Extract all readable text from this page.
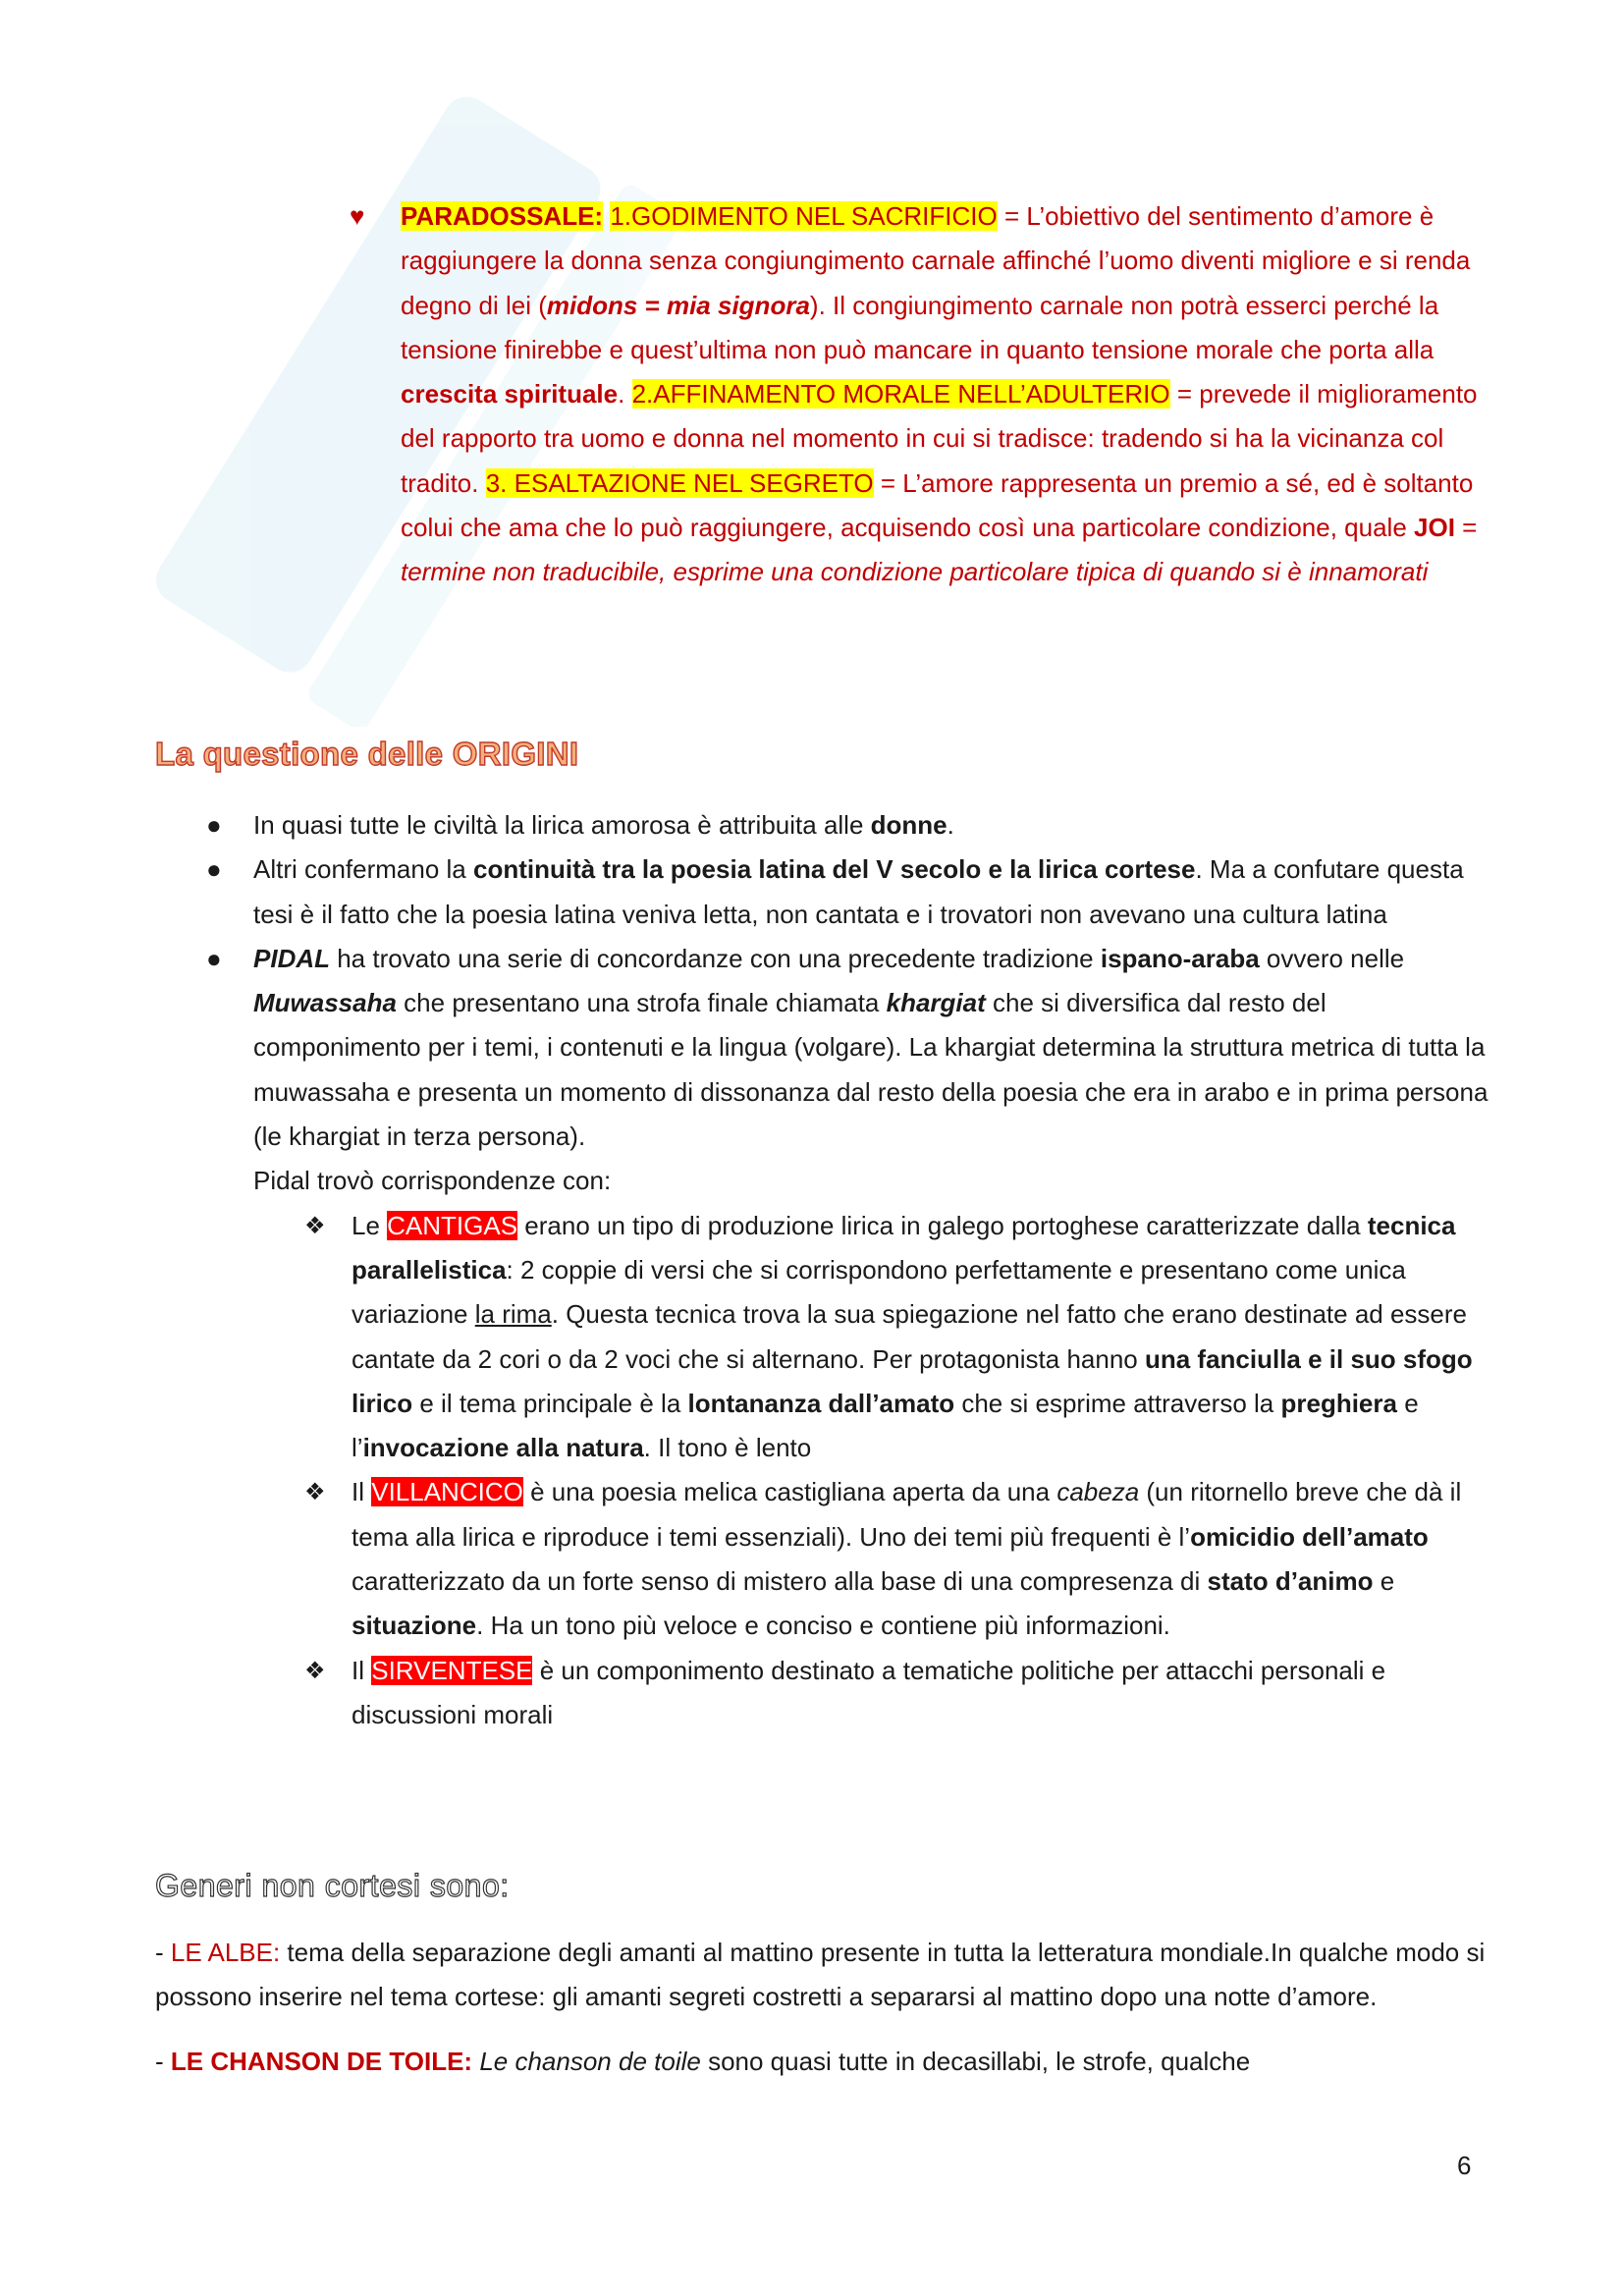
♥ PARADOSSALE: 1.GODIMENTO NEL SACRIFICIO = L’obiettivo del sentimento d’amore è raggiungere la donna senza congiungimento carnale affinché l’uomo diventi migliore e si renda degno di lei (midons = mia signora). Il congiungimento carnale non potrà esserci perché la tensione finirebbe e quest’ultima non può mancare in quanto tensione morale che porta alla crescita spirituale. 2.AFFINAMENTO MORALE NELL’ADULTERIO = prevede il miglioramento del rapporto tra uomo e donna nel momento in cui si tradisce: tradendo si ha la vicinanza col tradito. 3. ESALTAZIONE NEL SEGRETO = L’amore rappresenta un premio a sé, ed è soltanto colui che ama che lo può raggiungere, acquisendo così una particolare condizione, quale JOI = termine non traducibile, esprime una condizione particolare tipica di quando si è innamorati
La questione delle ORIGINI
● In quasi tutte le civiltà la lirica amorosa è attribuita alle donne.
● Altri confermano la continuità tra la poesia latina del V secolo e la lirica cortese. Ma a confutare questa tesi è il fatto che la poesia latina veniva letta, non cantata e i trovatori non avevano una cultura latina
● PIDAL ha trovato una serie di concordanze con una precedente tradizione ispano-araba ovvero nelle Muwassaha che presentano una strofa finale chiamata khargiat che si diversifica dal resto del componimento per i temi, i contenuti e la lingua (volgare). La khargiat determina la struttura metrica di tutta la muwassaha e presenta un momento di dissonanza dal resto della poesia che era in arabo e in prima persona (le khargiat in terza persona).
Pidal trovò corrispondenze con:
❖ Le CANTIGAS erano un tipo di produzione lirica in galego portoghese caratterizzate dalla tecnica parallelistica: 2 coppie di versi che si corrispondono perfettamente e presentano come unica variazione la rima. Questa tecnica trova la sua spiegazione nel fatto che erano destinate ad essere cantate da 2 cori o da 2 voci che si alternano. Per protagonista hanno una fanciulla e il suo sfogo lirico e il tema principale è la lontananza dall’amato che si esprime attraverso la preghiera e l’invocazione alla natura. Il tono è lento
❖ Il VILLANCICO è una poesia melica castigliana aperta da una cabeza (un ritornello breve che dà il tema alla lirica e riproduce i temi essenziali). Uno dei temi più frequenti è l’omicidio dell’amato caratterizzato da un forte senso di mistero alla base di una compresenza di stato d’animo e situazione. Ha un tono più veloce e conciso e contiene più informazioni.
❖ Il SIRVENTESE è un componimento destinato a tematiche politiche per attacchi personali e discussioni morali
Generi non cortesi sono:

- LE ALBE: tema della separazione degli amanti al mattino presente in tutta la letteratura mondiale.In qualche modo si possono inserire nel tema cortese: gli amanti segreti costretti a separarsi al mattino dopo una notte d’amore.

- LE CHANSON DE TOILE: Le chanson de toile sono quasi tutte in decasillabi, le strofe, qualche

6
